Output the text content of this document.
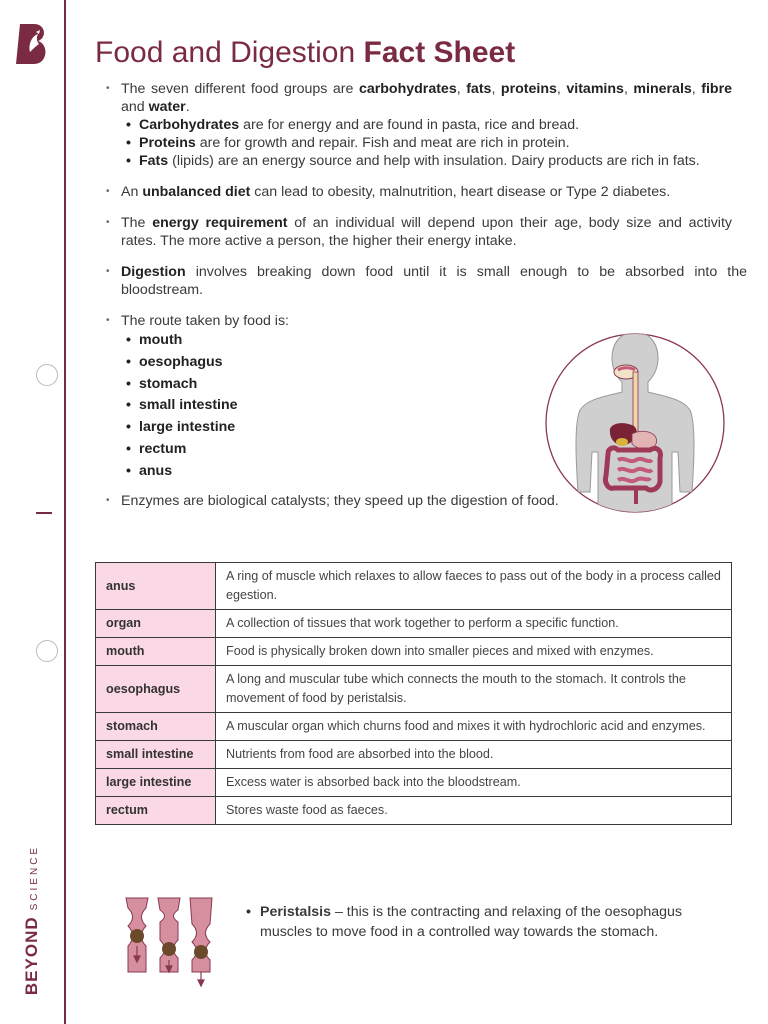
BEYONDSCIENCE
Food and Digestion Fact Sheet
• The seven different food groups are carbohydrates, fats, proteins, vitamins, minerals, fibre and water.
• Carbohydrates are for energy and are found in pasta, rice and bread.
• Proteins are for growth and repair. Fish and meat are rich in protein.
• Fats (lipids) are an energy source and help with insulation. Dairy products are rich in fats.
• An unbalanced diet can lead to obesity, malnutrition, heart disease or Type 2 diabetes.
• The energy requirement of an individual will depend upon their age, body size and activity rates. The more active a person, the higher their energy intake.
• Digestion involves breaking down food until it is small enough to be absorbed into the bloodstream.
• The route taken by food is:
• mouth
• oesophagus
• stomach
• small intestine
• large intestine
• rectum
• anus
• Enzymes are biological catalysts; they speed up the digestion of food.
anus	A ring of muscle which relaxes to allow faeces to pass out of the body in a process called egestion.
organ	A collection of tissues that work together to perform a specific function.
mouth	Food is physically broken down into smaller pieces and mixed with enzymes.
oesophagus	A long and muscular tube which connects the mouth to the stomach. It controls the movement of food by peristalsis.
stomach	A muscular organ which churns food and mixes it with hydrochloric acid and enzymes.
small intestine	Nutrients from food are absorbed into the blood.
large intestine	Excess water is absorbed back into the bloodstream.
rectum	Stores waste food as faeces.
• Peristalsis – this is the contracting and relaxing of the oesophagus muscles to move food in a controlled way towards the stomach.
